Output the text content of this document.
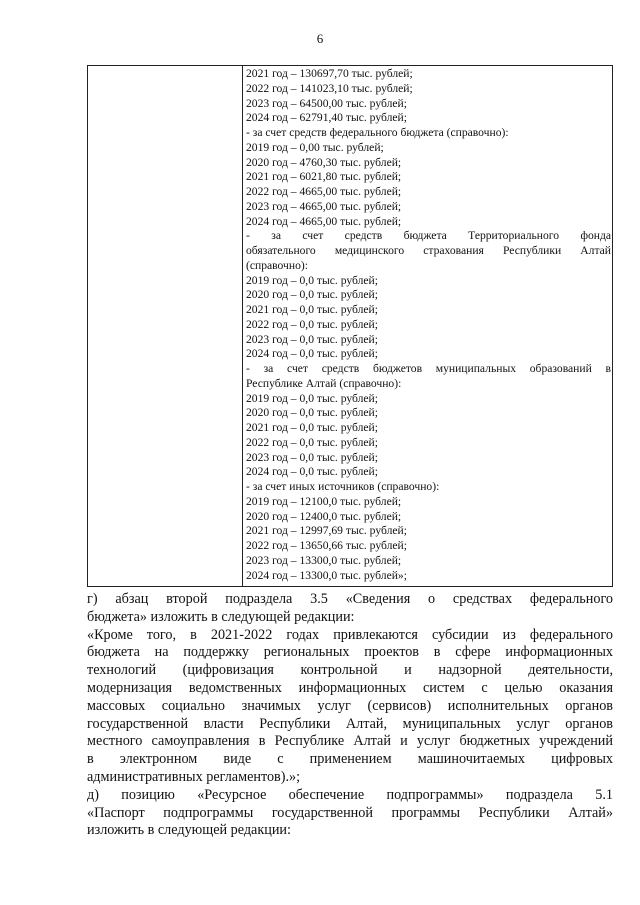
6
2021 год – 130697,70 тыс. рублей;
2022 год – 141023,10 тыс. рублей;
2023 год – 64500,00 тыс. рублей;
2024 год – 62791,40 тыс. рублей;
- за счет средств федерального бюджета (справочно):
2019 год – 0,00 тыс. рублей;
2020 год – 4760,30 тыс. рублей;
2021 год – 6021,80 тыс. рублей;
2022 год – 4665,00 тыс. рублей;
2023 год – 4665,00 тыс. рублей;
2024 год – 4665,00 тыс. рублей;
- за счет средств бюджета Территориального фонда
обязательного медицинского страхования Республики Алтай
(справочно):
2019 год – 0,0 тыс. рублей;
2020 год – 0,0 тыс. рублей;
2021 год – 0,0 тыс. рублей;
2022 год – 0,0 тыс. рублей;
2023 год – 0,0 тыс. рублей;
2024 год – 0,0 тыс. рублей;
- за счет средств бюджетов муниципальных образований в
Республике Алтай (справочно):
2019 год – 0,0 тыс. рублей;
2020 год – 0,0 тыс. рублей;
2021 год – 0,0 тыс. рублей;
2022 год – 0,0 тыс. рублей;
2023 год – 0,0 тыс. рублей;
2024 год – 0,0 тыс. рублей;
- за счет иных источников (справочно):
2019 год – 12100,0 тыс. рублей;
2020 год – 12400,0 тыс. рублей;
2021 год – 12997,69 тыс. рублей;
2022 год – 13650,66 тыс. рублей;
2023 год – 13300,0 тыс. рублей;
2024 год – 13300,0 тыс. рублей»;
г) абзац второй подраздела 3.5 «Сведения о средствах федерального
бюджета» изложить в следующей редакции:
«Кроме того, в 2021-2022 годах привлекаются субсидии из федерального
бюджета на поддержку региональных проектов в сфере информационных
технологий (цифровизация контрольной и надзорной деятельности,
модернизация ведомственных информационных систем с целью оказания
массовых социально значимых услуг (сервисов) исполнительных органов
государственной власти Республики Алтай, муниципальных услуг органов
местного самоуправления в Республике Алтай и услуг бюджетных учреждений
в электронном виде с применением машиночитаемых цифровых
административных регламентов).»;
д) позицию «Ресурсное обеспечение подпрограммы» подраздела 5.1
«Паспорт подпрограммы государственной программы Республики Алтай»
изложить в следующей редакции:
